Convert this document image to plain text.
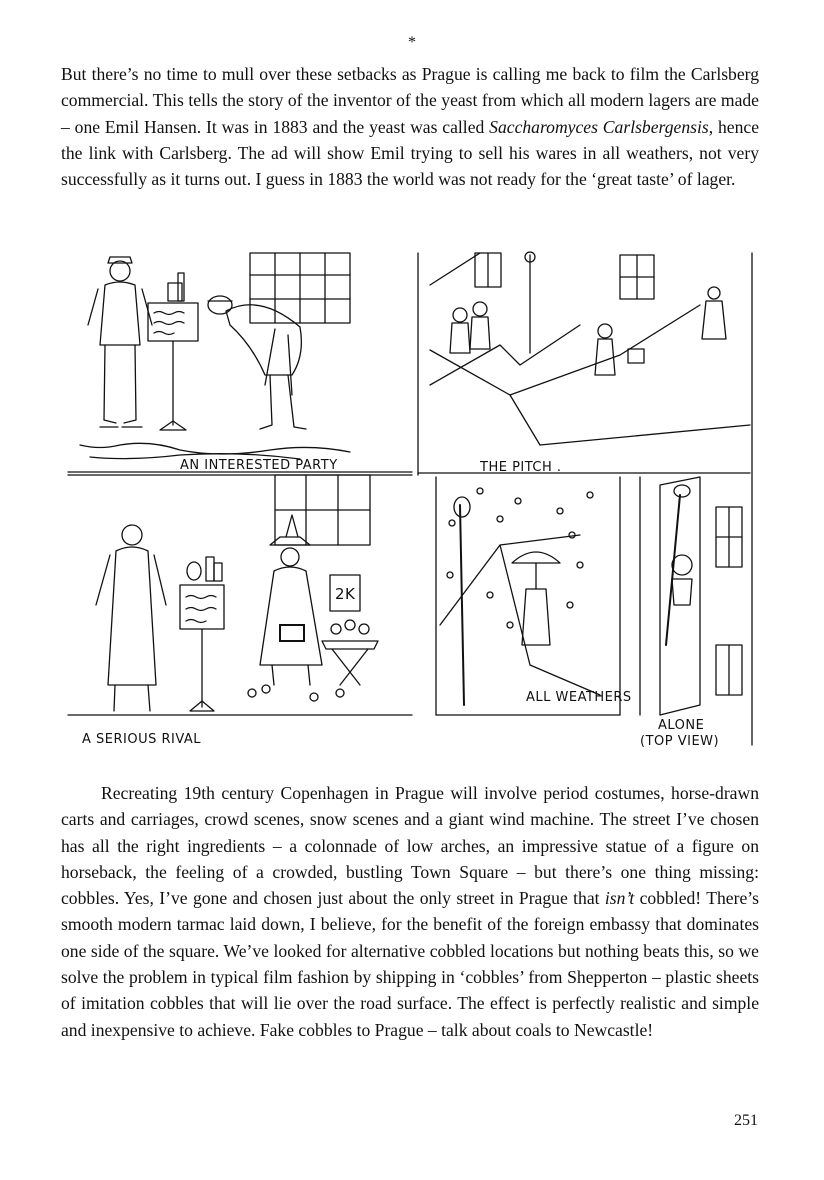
*

But there’s no time to mull over these setbacks as Prague is calling me back to film the Carlsberg commercial. This tells the story of the inventor of the yeast from which all modern lagers are made – one Emil Hansen. It was in 1883 and the yeast was called Saccharomyces Carlsbergensis, hence the link with Carlsberg. The ad will show Emil trying to sell his wares in all weathers, not very successfully as it turns out. I guess in 1883 the world was not ready for the ‘great taste’ of lager.

AN INTERESTED PARTY	THE PITCH .
2K
A SERIOUS RIVAL
ALL WEATHERS
ALONE
(TOP VIEW)

Recreating 19th century Copenhagen in Prague will involve period costumes, horse-drawn carts and carriages, crowd scenes, snow scenes and a giant wind machine. The street I’ve chosen has all the right ingredients – a colonnade of low arches, an impressive statue of a figure on horseback, the feeling of a crowded, bustling Town Square – but there’s one thing missing: cobbles. Yes, I’ve gone and chosen just about the only street in Prague that isn’t cobbled! There’s smooth modern tarmac laid down, I believe, for the benefit of the foreign embassy that dominates one side of the square. We’ve looked for alternative cobbled locations but nothing beats this, so we solve the problem in typical film fashion by shipping in ‘cobbles’ from Shepperton – plastic sheets of imitation cobbles that will lie over the road surface. The effect is perfectly realistic and simple and inexpensive to achieve. Fake cobbles to Prague – talk about coals to Newcastle!

251
